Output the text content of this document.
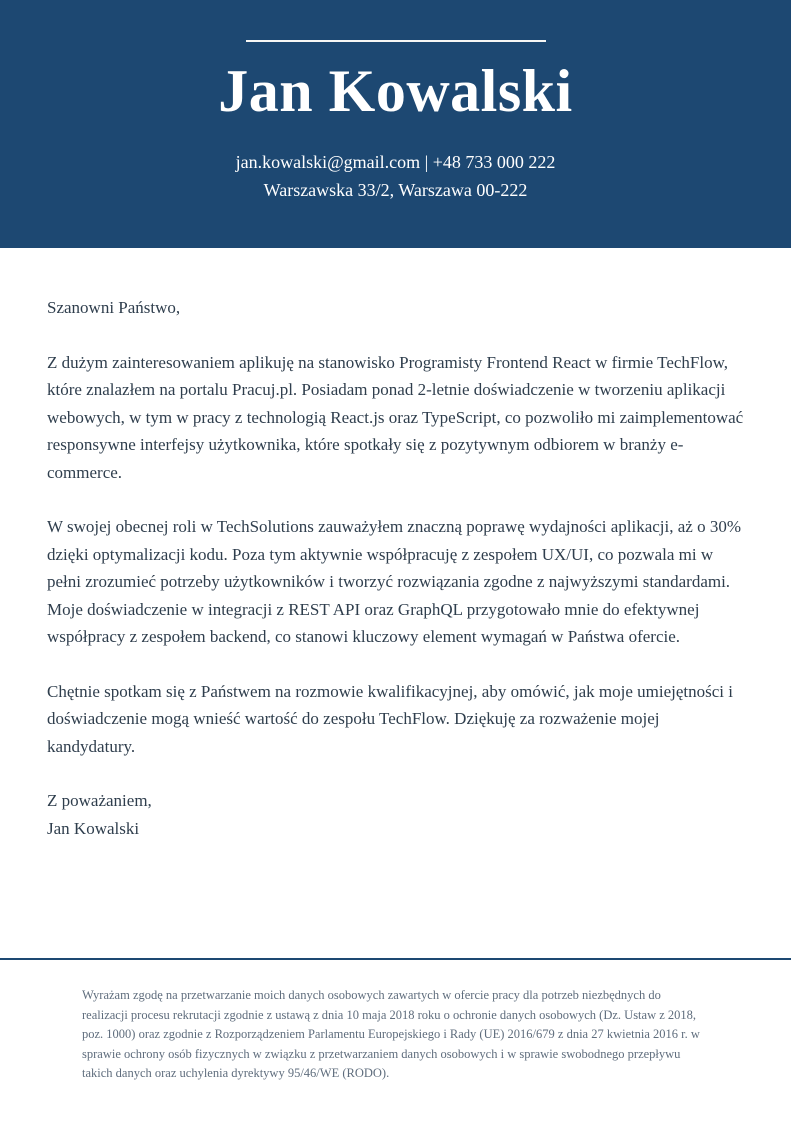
Jan Kowalski

jan.kowalski@gmail.com | +48 733 000 222

Warszawska 33/2, Warszawa 00-222

Szanowni Państwo,

Z dużym zainteresowaniem aplikuję na stanowisko Programisty Frontend React w firmie TechFlow, które znalazłem na portalu Pracuj.pl. Posiadam ponad 2-letnie doświadczenie w tworzeniu aplikacji webowych, w tym w pracy z technologią React.js oraz TypeScript, co pozwoliło mi zaimplementować responsywne interfejsy użytkownika, które spotkały się z pozytywnym odbiorem w branży e-commerce.

W swojej obecnej roli w TechSolutions zauważyłem znaczną poprawę wydajności aplikacji, aż o 30% dzięki optymalizacji kodu. Poza tym aktywnie współpracuję z zespołem UX/UI, co pozwala mi w pełni zrozumieć potrzeby użytkowników i tworzyć rozwiązania zgodne z najwyższymi standardami. Moje doświadczenie w integracji z REST API oraz GraphQL przygotowało mnie do efektywnej współpracy z zespołem backend, co stanowi kluczowy element wymagań w Państwa ofercie.

Chętnie spotkam się z Państwem na rozmowie kwalifikacyjnej, aby omówić, jak moje umiejętności i doświadczenie mogą wnieść wartość do zespołu TechFlow. Dziękuję za rozważenie mojej kandydatury.

Z poważaniem,
Jan Kowalski

Wyrażam zgodę na przetwarzanie moich danych osobowych zawartych w ofercie pracy dla potrzeb niezbędnych do realizacji procesu rekrutacji zgodnie z ustawą z dnia 10 maja 2018 roku o ochronie danych osobowych (Dz. Ustaw z 2018, poz. 1000) oraz zgodnie z Rozporządzeniem Parlamentu Europejskiego i Rady (UE) 2016/679 z dnia 27 kwietnia 2016 r. w sprawie ochrony osób fizycznych w związku z przetwarzaniem danych osobowych i w sprawie swobodnego przepływu takich danych oraz uchylenia dyrektywy 95/46/WE (RODO).
